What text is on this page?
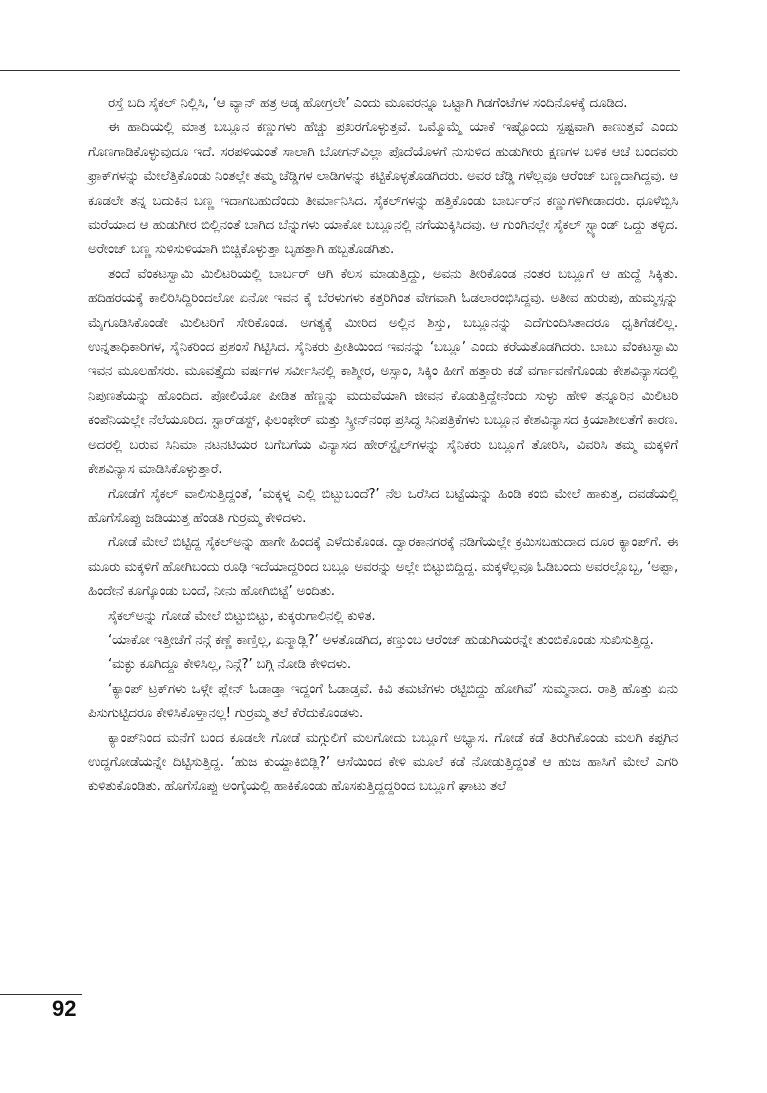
ರಸ್ತೆ ಬದಿ ಸೈಕಲ್ ನಿಲ್ಲಿಸಿ, ‘ಆ ವ್ಯಾನ್ ಹತ್ರ ಅಡ್ಕ ಹೋಗ್ರಲೇ’ ಎಂದು ಮೂವರನ್ನೂ ಒಟ್ಟಾಗಿ ಗಿಡಗೆಂಟೆಗಳ ಸಂದಿನೊಳಕ್ಕೆ ದೂಡಿದ.

ಈ ಹಾದಿಯಲ್ಲಿ ಮಾತ್ರ ಬಬ್ಲೂನ ಕಣ್ಣುಗಳು ಹೆಚ್ಚು ಪ್ರಖರಗೊಳ್ಳುತ್ತವೆ. ಒಮ್ಮೊಮ್ಮೆ ಯಾಕೆ ಇಷ್ಟೊಂದು ಸ್ಪಷ್ಟವಾಗಿ ಕಾಣುತ್ತವೆ ಎಂದು ಗೊಣಗಾಡಿಕೊಳ್ಳುವುದೂ ಇದೆ. ಸರಪಳಿಯಂತೆ ಸಾಲಾಗಿ ಬೋಗನ್‌ವಿಲ್ಲಾ ಪೊದೆಯೊಳಗೆ ನುಸುಳಿದ ಹುಡುಗೀರು ಕ್ಷಣಗಳ ಬಳಿಕ ಆಚೆ ಬಂದವರು ಫ್ರಾಕ್‌ಗಳನ್ನು ಮೇಲೆತ್ತಿಕೊಂಡು ನಿಂತಲ್ಲೇ ತಮ್ಮ ಚೆಡ್ಡಿಗಳ ಲಾಡಿಗಳನ್ನು ಕಟ್ಟಿಕೊಳ್ಳತೊಡಗಿದರು. ಅವರ ಚೆಡ್ಡಿ ಗಳೆಲ್ಲವೂ ಆರೆಂಜ್ ಬಣ್ಣದಾಗಿದ್ದವು. ಆ ಕೂಡಲೇ ತನ್ನ ಬದುಕಿನ ಬಣ್ಣ ಇದಾಗಬಹುದೆಂದು ತೀರ್ಮಾನಿಸಿದ. ಸೈಕಲ್‌ಗಳನ್ನು ಹತ್ತಿಕೊಂಡು ಬಾರ್ಬರ್‌ನ ಕಣ್ಣುಗಳಿಗೀಡಾದರು. ಧೂಳೆಬ್ಬಿಸಿ ಮರೆಯಾದ ಆ ಹುಡುಗೀರ ಬಿಲ್ಲಿನಂತೆ ಬಾಗಿದ ಬೆನ್ನುಗಳು ಯಾಕೋ ಬಬ್ಲೂನಲ್ಲಿ ನಗೆಯುಕ್ಕಿಸಿದವು. ಆ ಗುಂಗಿನಲ್ಲೇ ಸೈಕಲ್ ಸ್ಟ್ಯಾಂಡ್ ಒದ್ದು ತಳ್ಳಿದ. ಅರೇಂಜ್ ಬಣ್ಣ ಸುಳಿಸುಳಿಯಾಗಿ ಬಿಚ್ಚಿಕೊಳ್ಳುತ್ತಾ ಬೃಹತ್ತಾಗಿ ಹಬ್ಬತೊಡಗಿತು.

ತಂದೆ ವೆಂಕಟಸ್ವಾಮಿ ಮಿಲಿಟರಿಯಲ್ಲಿ ಬಾರ್ಬರ್ ಆಗಿ ಕೆಲಸ ಮಾಡುತ್ತಿದ್ದು, ಅವನು ತೀರಿಕೊಂಡ ನಂತರ ಬಬ್ಲೂಗೆ ಆ ಹುದ್ದೆ ಸಿಕ್ಕಿತು. ಹದಿಹರಯಕ್ಕೆ ಕಾಲಿರಿಸಿದ್ದಿರಿಂದಲೋ ಏನೋ ಇವನ ಕೈ ಬೆರಳುಗಳು ಕತ್ತರಿಗಿಂತ ವೇಗವಾಗಿ ಓಡಲಾರಂಭಿಸಿದ್ದವು. ಅತೀವ ಹುರುಪು, ಹುಮ್ಮಸ್ಸನ್ನು ಮೈಗೂಡಿಸಿಕೊಂಡೇ ಮಿಲಿಟರಿಗೆ ಸೇರಿಕೊಂಡ. ಅಗತ್ಯಕ್ಕೆ ಮೀರಿದ ಅಲ್ಲಿನ ಶಿಸ್ತು, ಬಬ್ಲೂನನ್ನು ಎದೆಗುಂದಿಸಿತಾದರೂ ಧೃತಿಗೆಡಲಿಲ್ಲ. ಉನ್ನತಾಧಿಕಾರಿಗಳ, ಸೈನಿಕರಿಂದ ಪ್ರಶಂಸೆ ಗಿಟ್ಟಿಸಿದ. ಸೈನಿಕರು ಪ್ರೀತಿಯಿಂದ ಇವನನ್ನು ‘ಬಬ್ಲೂ’ ಎಂದು ಕರೆಯತೊಡಗಿದರು. ಬಾಬು ವೆಂಕಟಸ್ವಾಮಿ ಇವನ ಮೂಲಹೆಸರು. ಮೂವತ್ತೈದು ವರ್ಷಗಳ ಸರ್ವೀಸಿನಲ್ಲಿ ಕಾಶ್ಮೀರ, ಅಸ್ಸಾಂ, ಸಿಕ್ಕಿಂ ಹೀಗೆ ಹತ್ತಾರು ಕಡೆ ವರ್ಗಾವಣೆಗೊಂಡು ಕೇಶವಿನ್ಯಾಸದಲ್ಲಿ ನಿಪುಣತೆಯನ್ನು ಹೊಂದಿದ. ಪೋಲಿಯೋ ಪೀಡಿತ ಹೆಣ್ಣನ್ನು ಮದುವೆಯಾಗಿ ಜೀವನ ಕೊಡುತ್ತಿದ್ದೇನೆಂದು ಸುಳ್ಳು ಹೇಳಿ ತನ್ನೂರಿನ ಮಿಲಿಟರಿ ಕಂಪೆನಿಯಲ್ಲೇ ನೆಲೆಯೂರಿದ. ಸ್ಟಾರ್‌ಡಸ್ಟ್, ಫಿಲಂಫೇರ್ ಮತ್ತು ಸ್ಕ್ರೀನ್‌ನಂಥ ಪ್ರಸಿದ್ಧ ಸಿನಿಪತ್ರಿಕೆಗಳು ಬಬ್ಲೂನ ಕೇಶವಿನ್ಯಾಸದ ಕ್ರಿಯಾಶೀಲತೆಗೆ ಕಾರಣ. ಅದರಲ್ಲಿ ಬರುವ ಸಿನಿಮಾ ನಟನಟಿಯರ ಬಗೆಬಗೆಯ ವಿನ್ಯಾಸದ ಹೇರ್‌ಸ್ಟೈಲ್‌ಗಳನ್ನು ಸೈನಿಕರು ಬಬ್ಲೂಗೆ ತೋರಿಸಿ, ವಿವರಿಸಿ ತಮ್ಮ ಮಕ್ಕಳಿಗೆ ಕೇಶವಿನ್ಯಾಸ ಮಾಡಿಸಿಕೊಳ್ಳುತ್ತಾರೆ.

ಗೋಡೆಗೆ ಸೈಕಲ್ ವಾಲಿಸುತ್ತಿದ್ದಂತೆ, ‘ಮಕ್ಕಳ್ನ ಎಲ್ಲಿ ಬಿಟ್ಬುಬಂದೆ?’ ನೆಲ ಒರೆಸಿದ ಬಟ್ಟೆಯನ್ನು ಹಿಂಡಿ ಕಂಬಿ ಮೇಲೆ ಹಾಕುತ್ತ, ದವಡೆಯಲ್ಲಿ ಹೊಗೆಸೊಪ್ಪು ಜಡಿಯುತ್ತ ಹೆಂಡತಿ ಗುರ್ರಮ್ಮ ಕೇಳಿದಳು.

ಗೋಡೆ ಮೇಲೆ ಬಿಟ್ಟಿದ್ದ ಸೈಕಲ್‌ಅನ್ನು ಹಾಗೇ ಹಿಂದಕ್ಕೆ ಎಳೆದುಕೊಂಡ. ದ್ವಾರಕಾನಗರಕ್ಕೆ ನಡಿಗೆಯಲ್ಲೇ ಕ್ರಮಿಸಬಹುದಾದ ದೂರ ಕ್ಯಾಂಪ್‌ಗೆ. ಈ ಮೂರು ಮಕ್ಕಳಿಗೆ ಹೋಗಿಬಂದು ರೂಢಿ ಇದೆಯಾದ್ದರಿಂದ ಬಬ್ಲೂ ಅವರನ್ನು ಅಲ್ಲೇ ಬಿಟ್ಟುಬಿದ್ದಿದ್ದ. ಮಕ್ಕಳೆಲ್ಲವೂ ಓಡಿಬಂದು ಅವರಲ್ಲೊಬ್ಬ, ‘ಅಪ್ಪಾ, ಹಿಂದೇನೆ ಕೂಗ್ಕೊಂಡು ಬಂದೆ, ನೀನು ಹೋಗಿಬಿಟ್ಟೆ’ ಅಂದಿತು.

ಸೈಕಲ್‌ಅನ್ನು ಗೋಡೆ ಮೇಲೆ ಬಿಟ್ಟುಬಿಟ್ಟು, ಕುಕ್ಕರುಗಾಲಿನಲ್ಲಿ ಕುಳಿತ.

‘ಯಾಕೋ ಇತ್ತೀಚೆಗೆ ನನ್ಗೆ ಕಣ್ಣೆ ಕಾಣ್ತಿಲ್ಲ, ಏನ್ಮಾಡ್ಲಿ?’ ಅಳತೊಡಗಿದ, ಕಣ್ತುಂಬ ಆರೆಂಜ್ ಹುಡುಗಿಯರನ್ನೇ ತುಂಬಿಕೊಂಡು ಸುಖಿಸುತ್ತಿದ್ದ.

‘ಮಕ್ಳು ಕೂಗಿದ್ದೂ ಕೇಳಿಸಿಲ್ಲ, ನಿನ್ಗೆ?’ ಬಗ್ಗಿ ನೋಡಿ ಕೇಳಿದಳು.

‘ಕ್ಯಾಂಪ್ ಟ್ರಕ್‌ಗಳು ಒಳ್ಗೇ ಪ್ಲೇನ್ ಓಡಾಡ್ತಾ ಇದ್ದಂಗೆ ಓಡಾಡ್ತವೆ. ಕಿವಿ ತಮಟೆಗಳು ರಟ್ಟಿಬಿದ್ದು ಹೋಗಿವೆ’ ಸುಮ್ಮನಾದ. ರಾತ್ರಿ ಹೊತ್ತು ಏನು ಪಿಸುಗುಟ್ಟಿದರೂ ಕೇಳಿಸಿಕೊಳ್ತಾನಲ್ಲ! ಗುರ್ರಮ್ಮ ತಲೆ ಕೆರೆದುಕೊಂಡಳು.

ಕ್ಯಾಂಪ್‌ನಿಂದ ಮನೆಗೆ ಬಂದ ಕೂಡಲೇ ಗೋಡೆ ಮಗ್ಗುಲಿಗೆ ಮಲಗೋದು ಬಬ್ಲೂಗೆ ಅಭ್ಯಾಸ. ಗೋಡೆ ಕಡೆ ತಿರುಗಿಕೊಂಡು ಮಲಗಿ ಕಪ್ಪಗಿನ ಉದ್ದಗೋಡೆಯನ್ನೇ ದಿಟ್ಟಿಸುತ್ತಿದ್ದ. ‘ಹುಜ ಕುಯ್ದಾಕಿಬಿಡ್ಲಿ?’ ಆಸೆಯಿಂದ ಕೇಳಿ ಮೂಲೆ ಕಡೆ ನೋಡುತ್ತಿದ್ದಂತೆ ಆ ಹುಜ ಹಾಸಿಗೆ ಮೇಲೆ ಎಗರಿ ಕುಳಿತುಕೊಂಡಿತು. ಹೊಗೆಸೊಪ್ಪು ಅಂಗೈಯಲ್ಲಿ ಹಾಕಿಕೊಂಡು ಹೊಸಕುತ್ತಿದ್ದದ್ದರಿಂದ ಬಬ್ಲೂಗೆ ಘಾಟು ತಲೆ

92
